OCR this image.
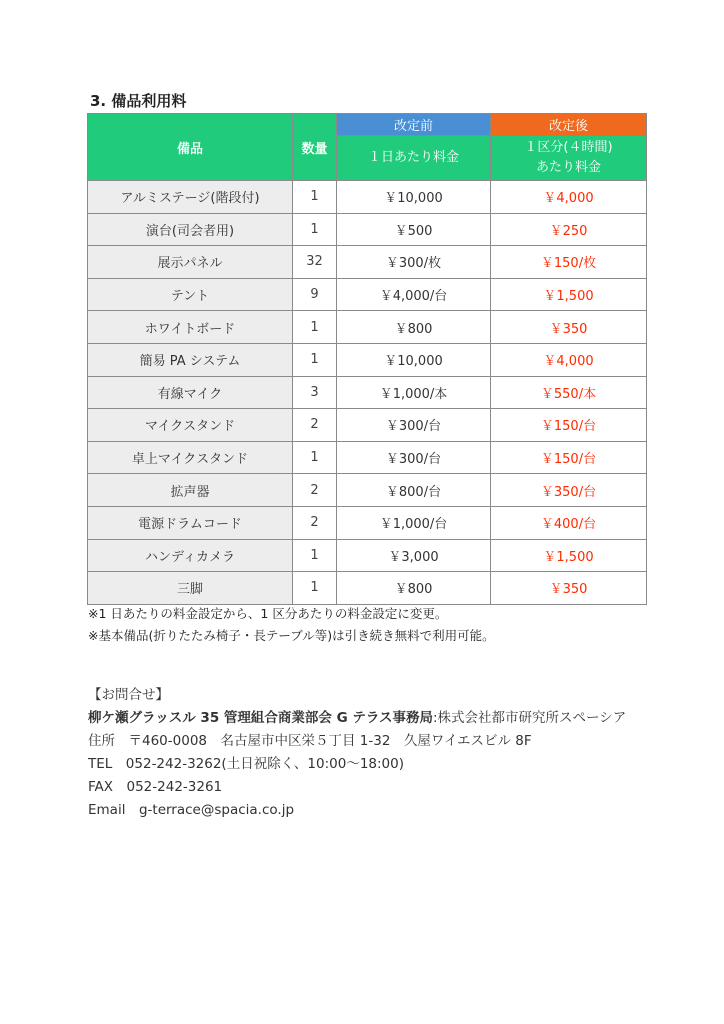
3. 備品利用料
備品	数量	改定前	改定後
		１日あたり料金	１区分(４時間)
あたり料金

アルミステージ(階段付)	1	￥10,000	￥4,000
演台(司会者用)	1	￥500	￥250
展示パネル	32	￥300/枚	￥150/枚
テント	9	￥4,000/台	￥1,500
ホワイトボード	1	￥800	￥350
簡易 PA システム	1	￥10,000	￥4,000
有線マイク	3	￥1,000/本	￥550/本
マイクスタンド	2	￥300/台	￥150/台
卓上マイクスタンド	1	￥300/台	￥150/台
拡声器	2	￥800/台	￥350/台
電源ドラムコード	2	￥1,000/台	￥400/台
ハンディカメラ	1	￥3,000	￥1,500
三脚	1	￥800	￥350
※1 日あたりの料金設定から、1 区分あたりの料金設定に変更。
※基本備品(折りたたみ椅子・長テーブル等)は引き続き無料で利用可能。
【お問合せ】
柳ケ瀬グラッスル 35 管理組合商業部会 G テラス事務局:株式会社都市研究所スペーシア
住所　〒460-0008　名古屋市中区栄５丁目 1-32　久屋ワイエスビル 8F
TEL　052-242-3262(土日祝除く、10:00～18:00)
FAX　052-242-3261
Email　g-terrace@spacia.co.jp
